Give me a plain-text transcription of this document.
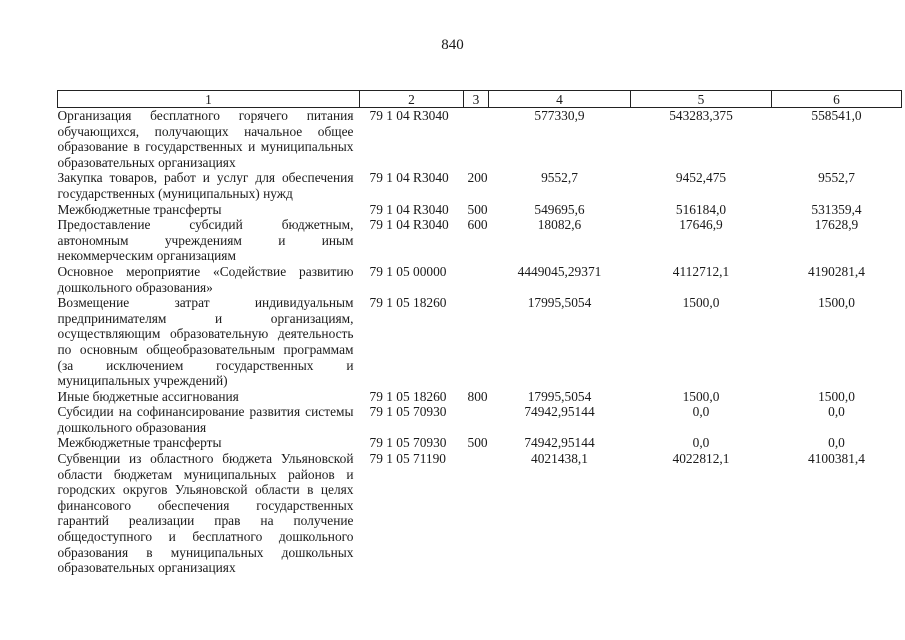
840
1	2	3	4	5	6
Организация бесплатного горячего питания обучающихся, получающих начальное общее образование в государственных и муниципальных образовательных организациях	79 1 04 R3040		577330,9	543283,375	558541,0
Закупка товаров, работ и услуг для обеспечения государственных (муниципальных) нужд	79 1 04 R3040	200	9552,7	9452,475	9552,7
Межбюджетные трансферты	79 1 04 R3040	500	549695,6	516184,0	531359,4
Предоставление субсидий бюджетным, автономным учреждениям и иным некоммерческим организациям	79 1 04 R3040	600	18082,6	17646,9	17628,9
Основное мероприятие «Содействие развитию дошкольного образования»	79 1 05 00000		4449045,29371	4112712,1	4190281,4
Возмещение затрат индивидуальным предпринимателям и организациям, осуществляющим образовательную деятельность по основным общеобразовательным программам (за исключением государственных и муниципальных учреждений)	79 1 05 18260		17995,5054	1500,0	1500,0
Иные бюджетные ассигнования	79 1 05 18260	800	17995,5054	1500,0	1500,0
Субсидии на софинансирование развития системы дошкольного образования	79 1 05 70930		74942,95144	0,0	0,0
Межбюджетные трансферты	79 1 05 70930	500	74942,95144	0,0	0,0
Субвенции из областного бюджета Ульяновской области бюджетам муниципальных районов и городских округов Ульяновской области в целях финансового обеспечения государственных гарантий реализации прав на получение общедоступного и бесплатного дошкольного образования в муниципальных дошкольных образовательных организациях	79 1 05 71190		4021438,1	4022812,1	4100381,4
